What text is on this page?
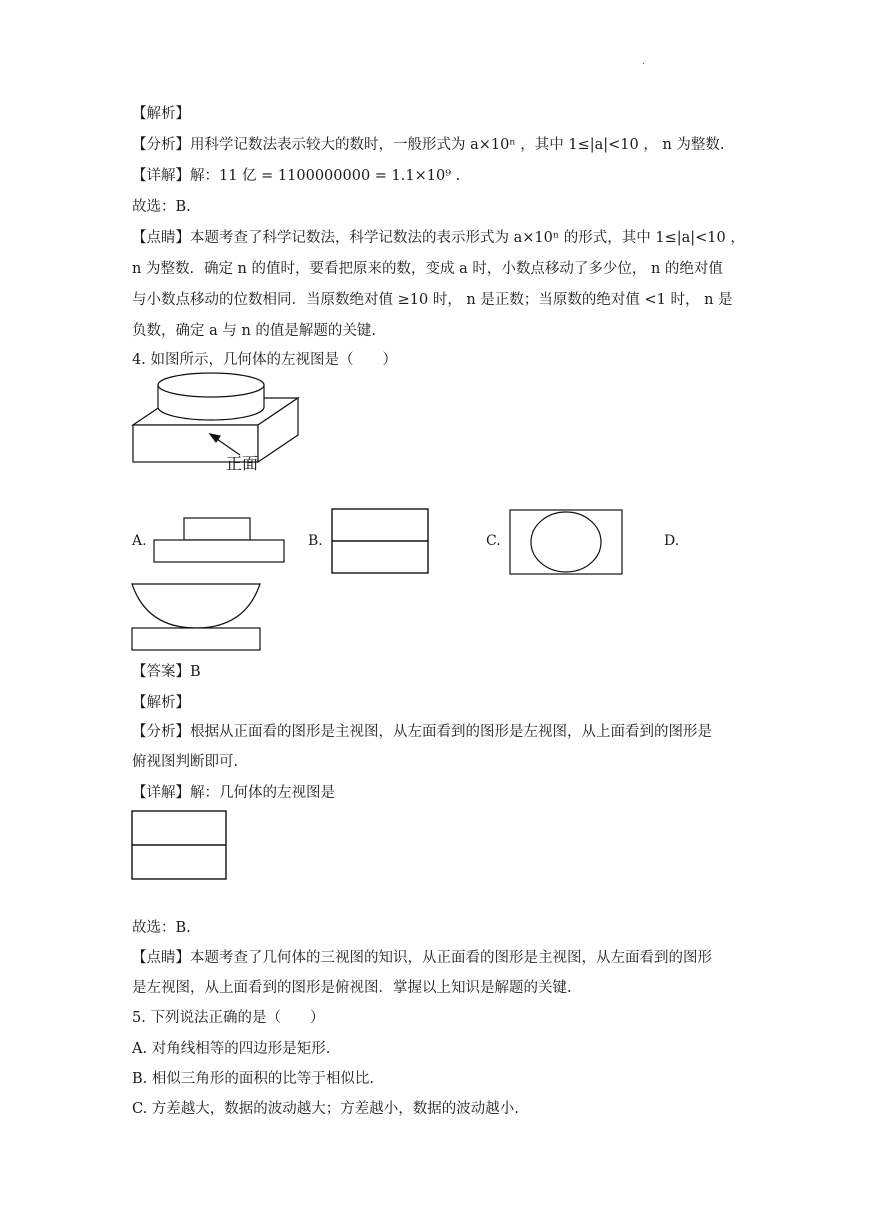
.
【解析】
【分析】用科学记数法表示较大的数时，一般形式为 a×10ⁿ ，其中 1≤|a|<10 ， n 为整数.
【详解】解：11 亿 = 1100000000 = 1.1×10⁹ .
故选：B.
【点睛】本题考查了科学记数法，科学记数法的表示形式为 a×10ⁿ 的形式，其中 1≤|a|<10 ，
n 为整数．确定 n 的值时，要看把原来的数，变成 a 时，小数点移动了多少位， n 的绝对值
与小数点移动的位数相同．当原数绝对值 ≥10 时， n 是正数；当原数的绝对值 <1 时， n 是
负数，确定 a 与 n 的值是解题的关键.
4. 如图所示，几何体的左视图是（　　）
正面
A.	B.	C.	D.
【答案】B
【解析】
【分析】根据从正面看的图形是主视图，从左面看到的图形是左视图，从上面看到的图形是
俯视图判断即可.
【详解】解：几何体的左视图是
故选：B.
【点睛】本题考查了几何体的三视图的知识，从正面看的图形是主视图，从左面看到的图形
是左视图，从上面看到的图形是俯视图．掌握以上知识是解题的关键.
5. 下列说法正确的是（　　）
A. 对角线相等的四边形是矩形.
B. 相似三角形的面积的比等于相似比.
C. 方差越大，数据的波动越大；方差越小，数据的波动越小.
